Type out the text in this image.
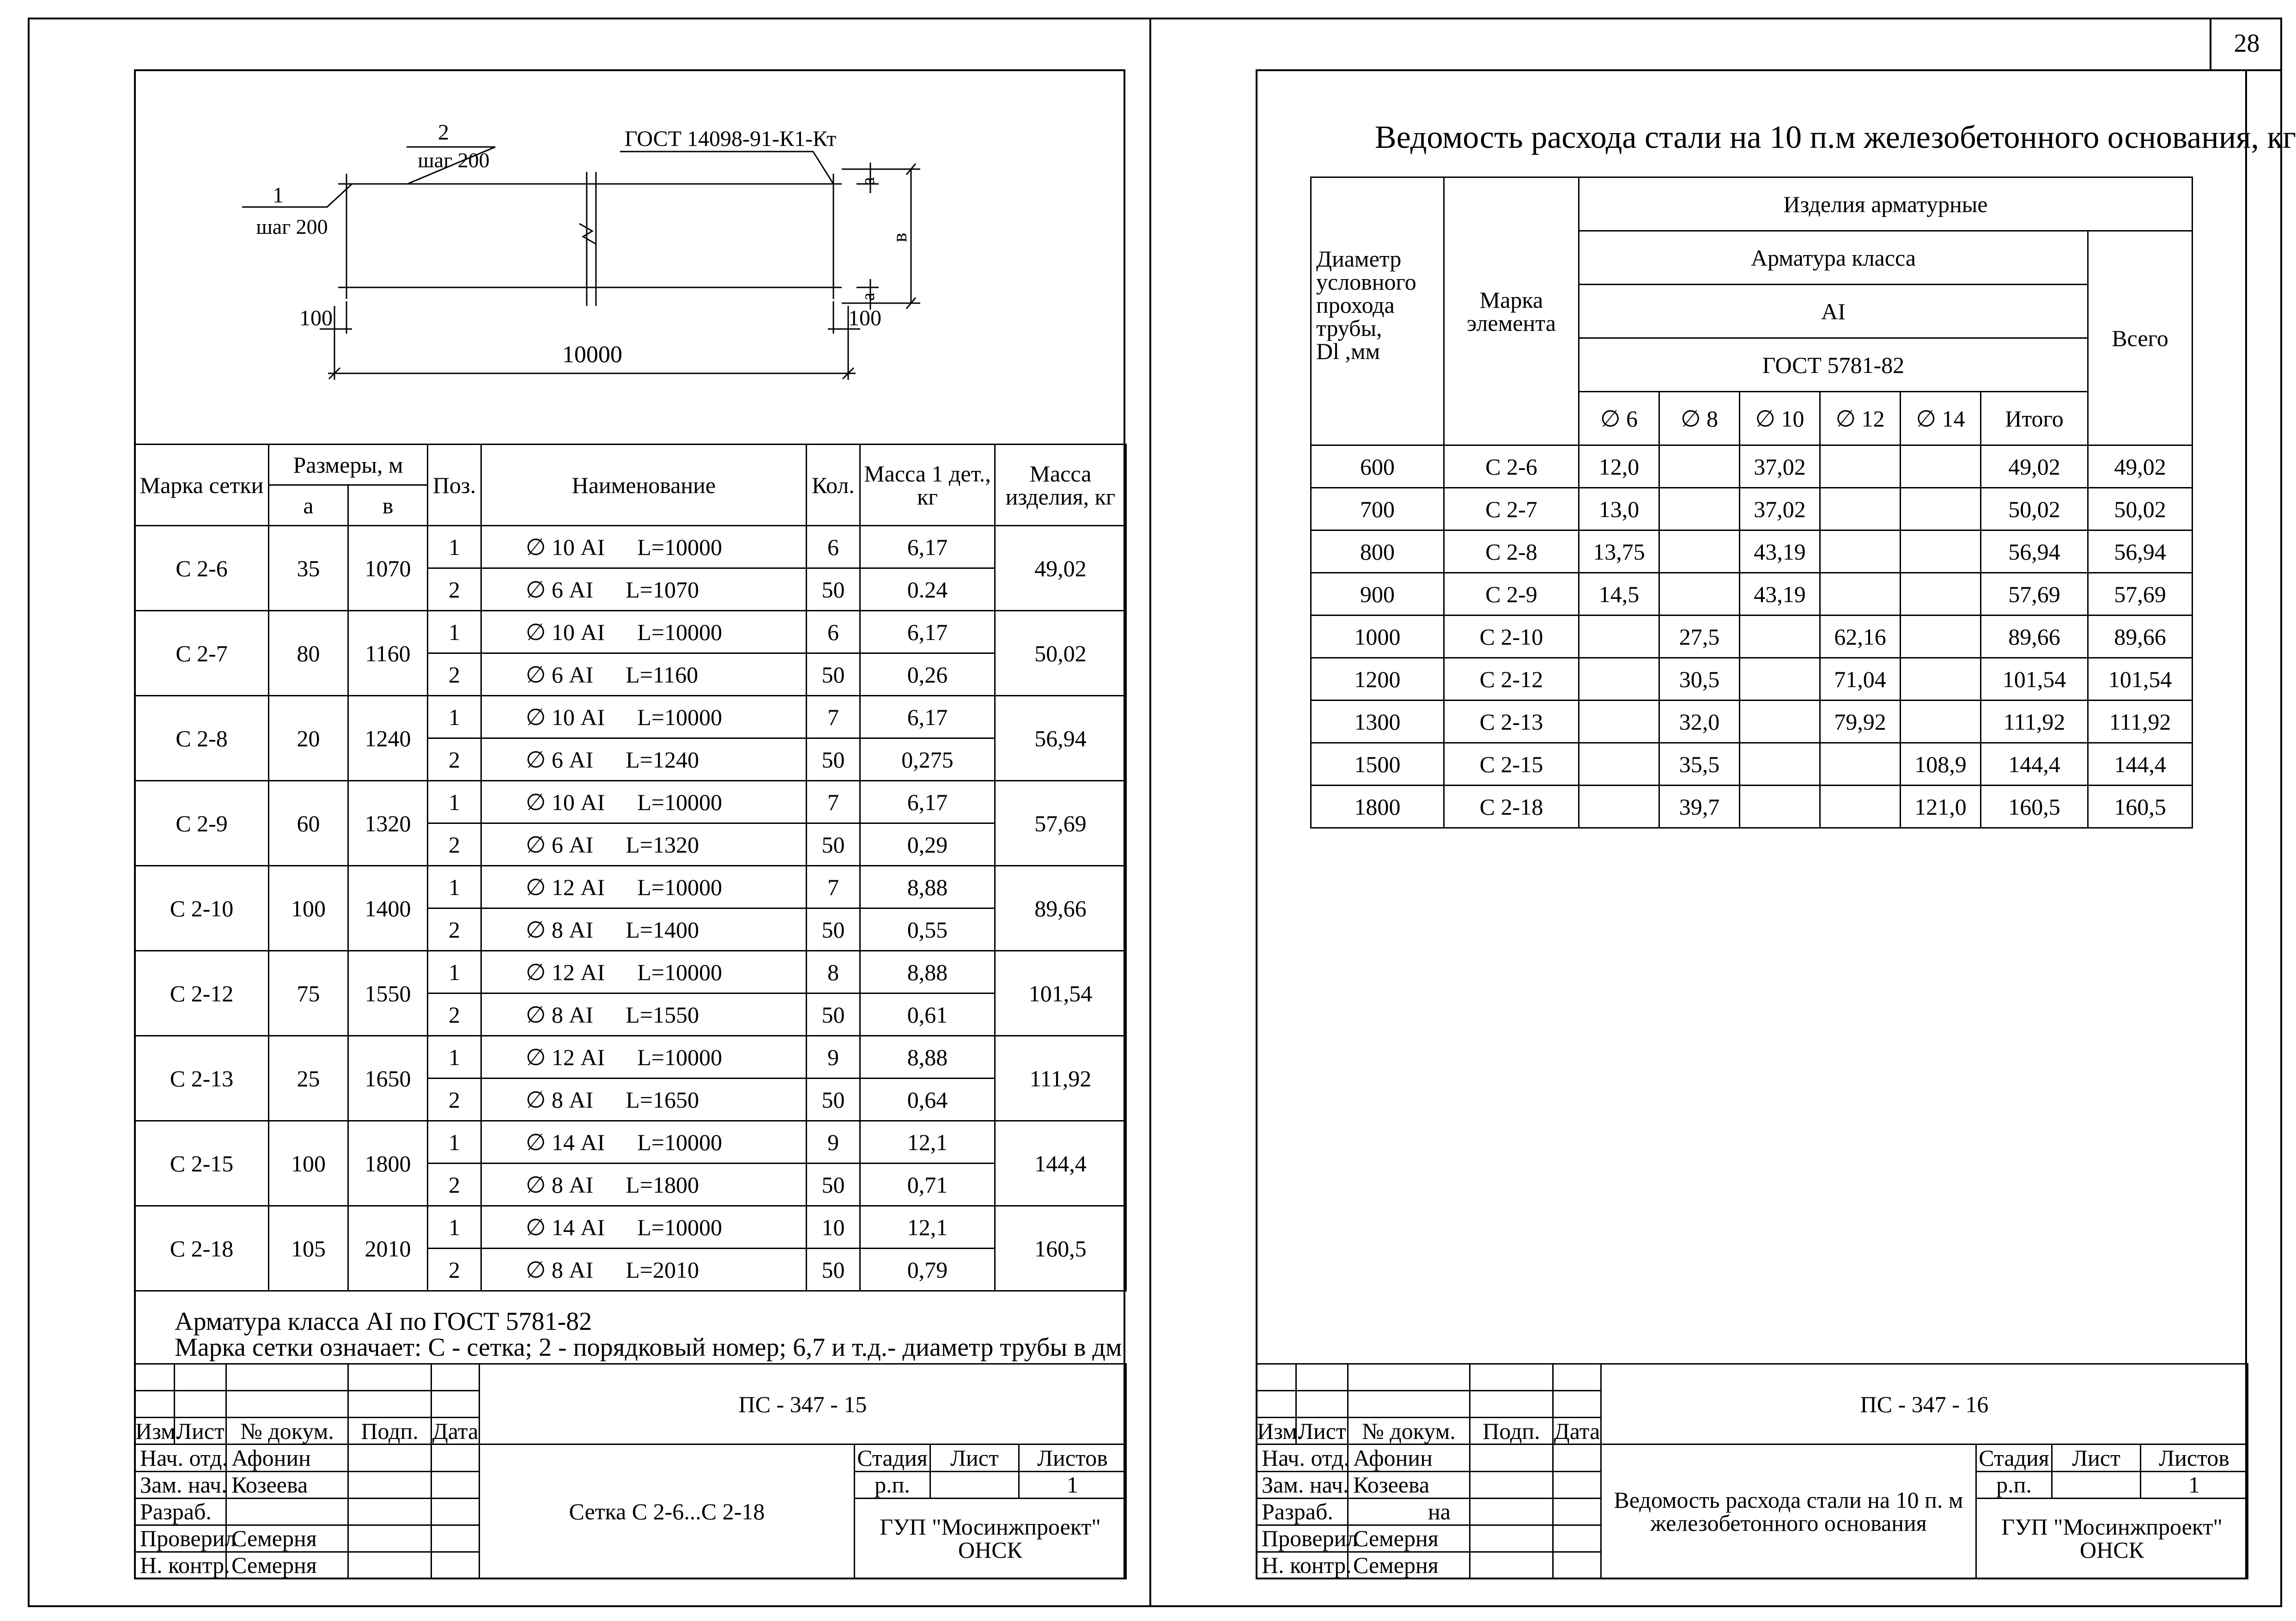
28
1
шаг 200
2
шаг 200
ГОСТ 14098-91-К1-Кт
а
а
в
100	100
10000
Марка сетки	Размеры, м		Поз.	Наименование	Кол.	Масса 1 дет., кг	Масса изделия, кг
	а	в					
С 2-6	35	1070	1	∅ 10 АI L=10000	6	6,17	49,02
			2	∅ 6 АI L=1070	50	0.24	
С 2-7	80	1160	1	∅ 10 АI L=10000	6	6,17	50,02
			2	∅ 6 АI L=1160	50	0,26	
С 2-8	20	1240	1	∅ 10 АI L=10000	7	6,17	56,94
			2	∅ 6 АI L=1240	50	0,275	
С 2-9	60	1320	1	∅ 10 АI L=10000	7	6,17	57,69
			2	∅ 6 АI L=1320	50	0,29	
С 2-10	100	1400	1	∅ 12 АI L=10000	7	8,88	89,66
			2	∅ 8 АI L=1400	50	0,55	
С 2-12	75	1550	1	∅ 12 АI L=10000	8	8,88	101,54
			2	∅ 8 АI L=1550	50	0,61	
С 2-13	25	1650	1	∅ 12 АI L=10000	9	8,88	111,92
			2	∅ 8 АI L=1650	50	0,64	
С 2-15	100	1800	1	∅ 14 АI L=10000	9	12,1	144,4
			2	∅ 8 АI L=1800	50	0,71	
С 2-18	105	2010	1	∅ 14 АI L=10000	10	12,1	160,5
			2	∅ 8 АI L=2010	50	0,79	
Арматура класса АI по ГОСТ 5781-82
Марка сетки означает: С - сетка; 2 - порядковый номер; 6,7 и т.д.- диаметр трубы в дм
					ПС - 347 - 15			

Изм.	Лист	№ докум.	Подп.	Дата				
Нач. отд.		Афонин			Сетка С 2-6...С 2-18	Стадия	Лист	Листов
Зам. нач.		Козеева				р.п.		1
Разраб.						ГУП "Мосинжпроект"
ОНСК		

Проверил		Семерня						
Н. контр.		Семерня						
Ведомость расхода стали на 10 п.м железобетонного основания, кг
Диаметр условного прохода трубы,
Dl ,мм	Марка элемента	Изделия арматурные						
		Арматура класса						Всего
		АI						
		ГОСТ 5781-82						
		∅ 6	∅ 8	∅ 10	∅ 12	∅ 14	Итого	
600	С 2-6	12,0		37,02			49,02	49,02
700	С 2-7	13,0		37,02			50,02	50,02
800	С 2-8	13,75		43,19			56,94	56,94
900	С 2-9	14,5		43,19			57,69	57,69
1000	С 2-10		27,5		62,16		89,66	89,66
1200	С 2-12		30,5		71,04		101,54	101,54
1300	С 2-13		32,0		79,92		111,92	111,92
1500	С 2-15		35,5			108,9	144,4	144,4
1800	С 2-18		39,7			121,0	160,5	160,5
					ПС - 347 - 16			

Изм.	Лист	№ докум.	Подп.	Дата				
Нач. отд.		Афонин			Ведомость расхода стали на 10 п. м
железобетонного основания	Стадия	Лист	Листов
Зам. нач.		Козеева				р.п.		1
Разраб.		на				ГУП "Мосинжпроект"
ОНСК		

Проверил		Семерня						
Н. контр.		Семерня						
